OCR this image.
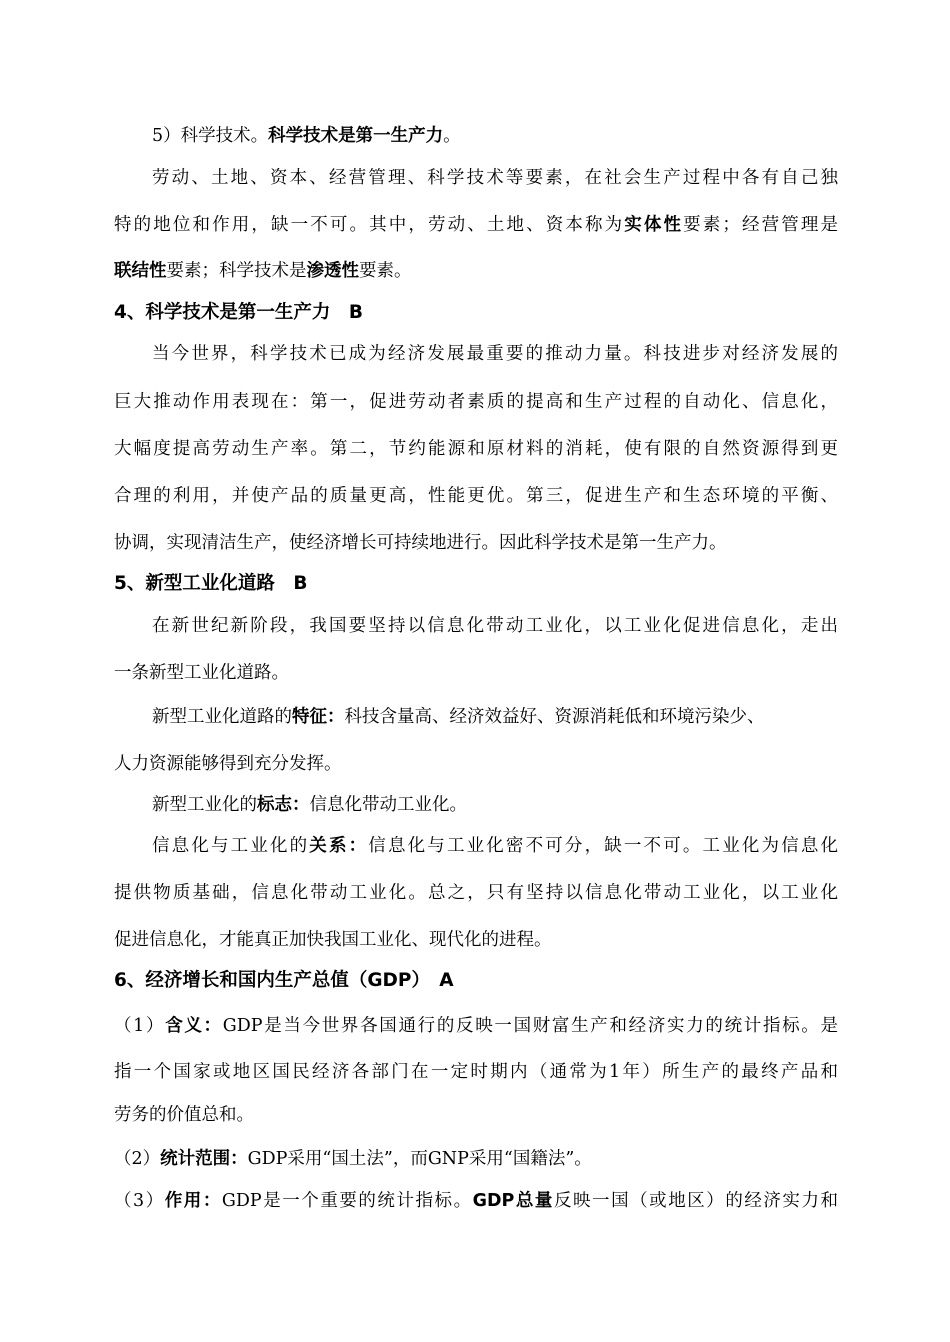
5）科学技术。科学技术是第一生产力。
劳动、土地、资本、经营管理、科学技术等要素，在社会生产过程中各有自己独
特的地位和作用，缺一不可。其中，劳动、土地、资本称为实体性要素；经营管理是
联结性要素；科学技术是渗透性要素。
4、科学技术是第一生产力　B
当今世界，科学技术已成为经济发展最重要的推动力量。科技进步对经济发展的
巨大推动作用表现在：第一，促进劳动者素质的提高和生产过程的自动化、信息化，
大幅度提高劳动生产率。第二，节约能源和原材料的消耗，使有限的自然资源得到更
合理的利用，并使产品的质量更高，性能更优。第三，促进生产和生态环境的平衡、
协调，实现清洁生产，使经济增长可持续地进行。因此科学技术是第一生产力。
5、新型工业化道路　B
在新世纪新阶段，我国要坚持以信息化带动工业化，以工业化促进信息化，走出
一条新型工业化道路。
新型工业化道路的特征：科技含量高、经济效益好、资源消耗低和环境污染少、
人力资源能够得到充分发挥。
新型工业化的标志：信息化带动工业化。
信息化与工业化的关系：信息化与工业化密不可分，缺一不可。工业化为信息化
提供物质基础，信息化带动工业化。总之，只有坚持以信息化带动工业化，以工业化
促进信息化，才能真正加快我国工业化、现代化的进程。
6、经济增长和国内生产总值（GDP）　A
（1）含义：GDP是当今世界各国通行的反映一国财富生产和经济实力的统计指标。是
指一个国家或地区国民经济各部门在一定时期内（通常为1年）所生产的最终产品和
劳务的价值总和。
（2）统计范围：GDP采用“国土法”，而GNP采用“国籍法”。
（3）作用：GDP是一个重要的统计指标。GDP总量反映一国（或地区）的经济实力和
